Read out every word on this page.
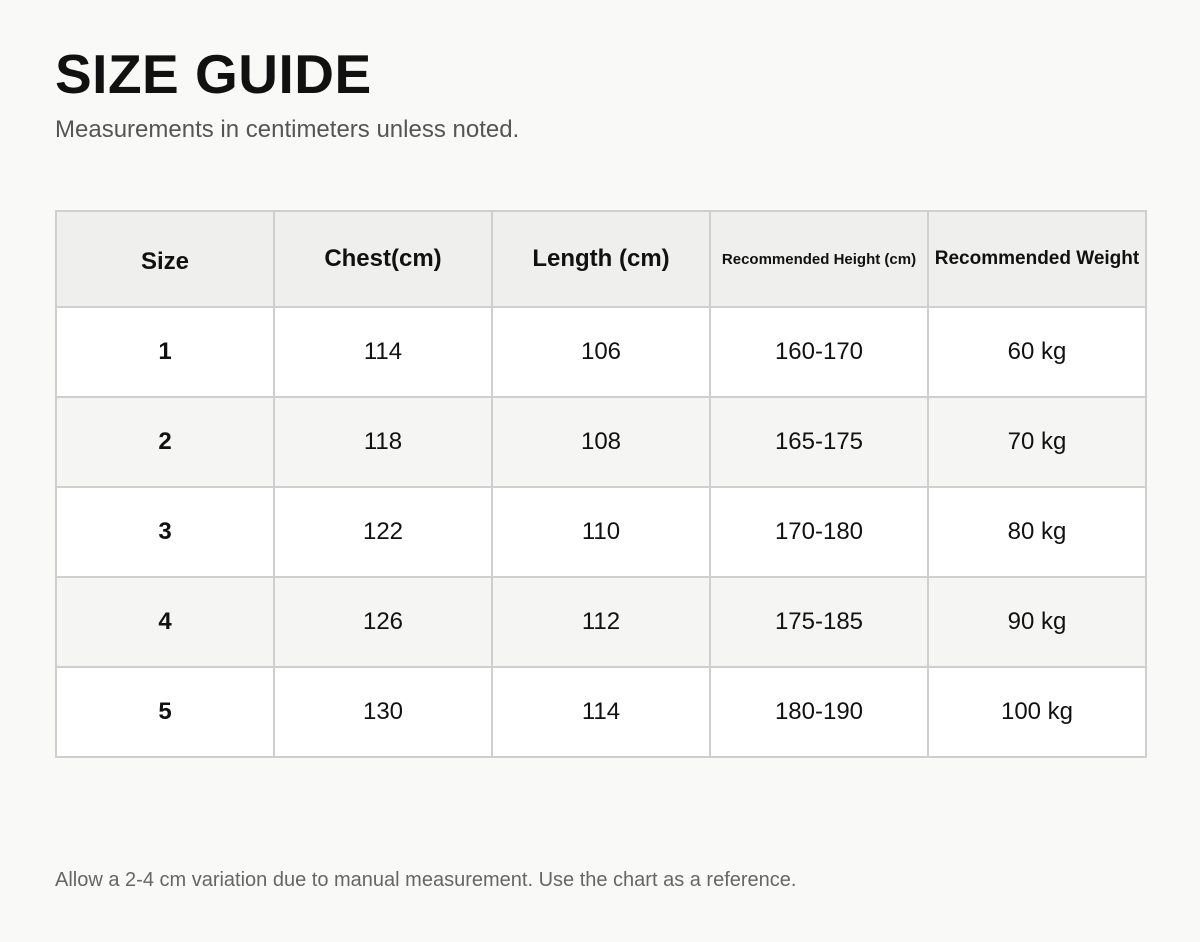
SIZE GUIDE

Measurements in centimeters unless noted.

Size	Chest(cm)	Length (cm)	Recommended Height (cm)	Recommended Weight
1	114	106	160-170	60 kg
2	118	108	165-175	70 kg
3	122	110	170-180	80 kg
4	126	112	175-185	90 kg
5	130	114	180-190	100 kg

Allow a 2-4 cm variation due to manual measurement. Use the chart as a reference.
